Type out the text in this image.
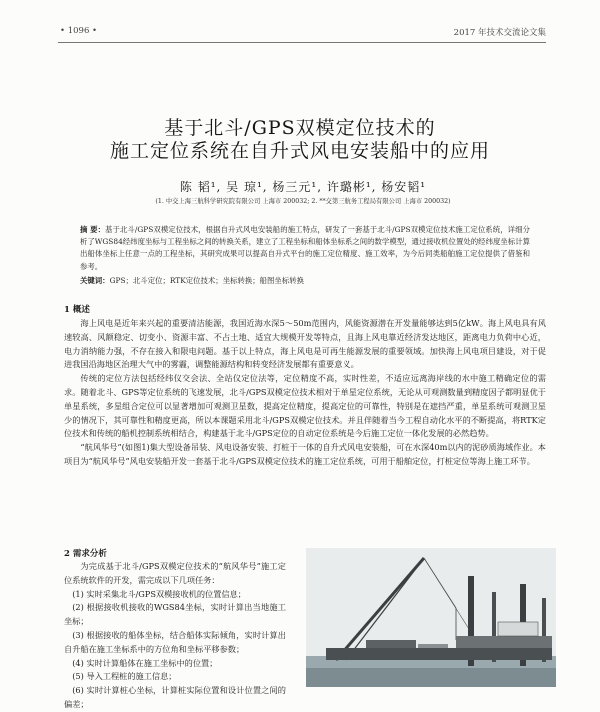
• 1096 •	2017 年技术交流论文集
基于北斗/GPS双模定位技术的
施工定位系统在自升式风电安装船中的应用
陈 韬¹, 吴 琼¹, 杨三元¹, 许璐彬¹, 杨安韬¹
(1. 中交上海三航科学研究院有限公司 上海市 200032; 2. **交第三航务工程局有限公司 上海市 200032)
摘 要：基于北斗/GPS双模定位技术，根据自升式风电安装船的施工特点，研发了一套基于北斗/GPS双模定位技术施工定位系统，详细分析了WGS84经纬度坐标与工程坐标之间的转换关系，建立了工程坐标和船体坐标系之间的数学模型，通过接收机位置处的经纬度坐标计算出船体坐标上任意一点的工程坐标，其研究成果可以提高自升式平台的施工定位精度、施工效率，为今后同类船舶施工定位提供了借鉴和参考。
关键词：GPS；北斗定位；RTK定位技术；坐标转换；船图坐标转换
1 概述

海上风电是近年来兴起的重要清洁能源，我国近海水深5～50m范围内，风能资源潜在开发量能够达到5亿kW。海上风电具有风速较高、风额稳定、切变小、资源丰富、不占土地、适宜大规模开发等特点，且海上风电靠近经济发达地区，距离电力负荷中心近，电力消纳能力强，不存在接入和限电问题。基于以上特点，海上风电是可再生能源发展的重要领域。加快海上风电项目建设，对于促进我国沿海地区治理大气中的雾霾，调整能源结构和转变经济发展都有重要意义。

传统的定位方法包括经纬仪交会法、全站仪定位法等，定位精度不高，实时性差，不适应远离海岸线的水中施工精确定位的需求。随着北斗、GPS等定位系统的飞速发展，北斗/GPS双模定位技术相对于单星定位系统，无论从可观测数量到精度因子都明显优于单星系统，多星组合定位可以显著增加可观测卫星数，提高定位精度，提高定位的可靠性，特别是在遮挡严重，单星系统可观测卫星少的情况下，其可靠性和精度更高，所以本课题采用北斗/GPS双模定位技术。并且伴随着当今工程自动化水平的不断提高，将RTK定位技术和传统的船机控制系统相结合，构建基于北斗/GPS定位的自动定位系统是今后施工定位一体化发展的必然趋势。

“航风华号”(如图1)集大型设备吊装、风电设备安装、打桩于一体的自升式风电安装船，可在水深40m以内的泥砂质海域作业。本项目为“航风华号”风电安装船开发一套基于北斗/GPS双模定位技术的施工定位系统，可用于船舶定位，打桩定位等海上施工环节。

2 需求分析

为完成基于北斗/GPS双模定位技术的“航风华号”施工定位系统软件的开发，需完成以下几项任务：

(1) 实时采集北斗/GPS双模接收机的位置信息；
(2) 根据接收机接收的WGS84坐标，实时计算出当地施工坐标；
(3) 根据接收的船体坐标，结合船体实际倾角，实时计算出自升船在施工坐标系中的方位角和坐标平移参数；
(4) 实时计算船体在施工坐标中的位置；
(5) 导入工程桩的施工信息；
(6) 实时计算桩心坐标，计算桩实际位置和设计位置之间的偏差；
